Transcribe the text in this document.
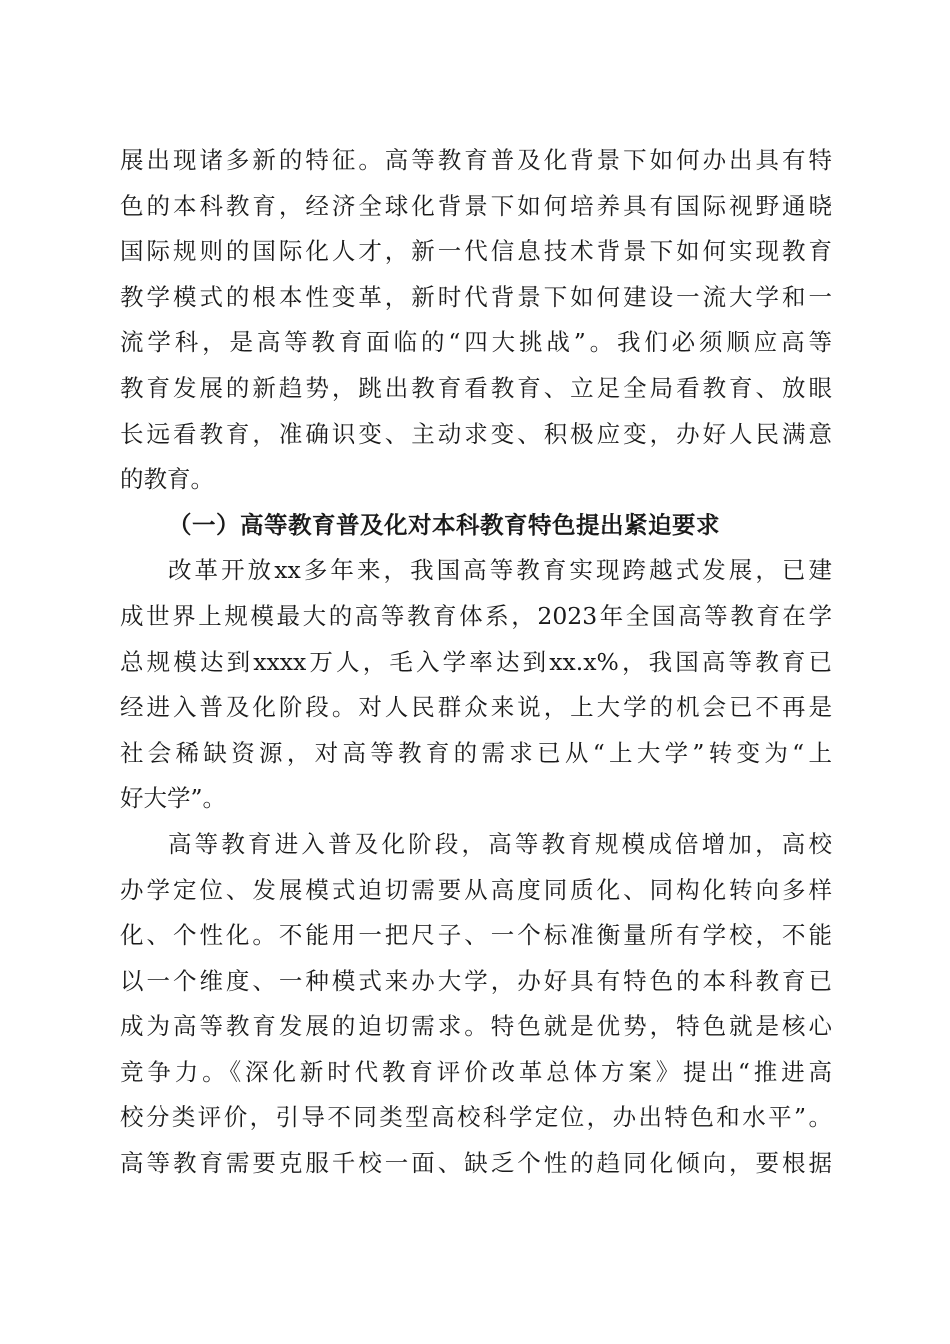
展出现诸多新的特征。高等教育普及化背景下如何办出具有特
色的本科教育，经济全球化背景下如何培养具有国际视野通晓
国际规则的国际化人才，新一代信息技术背景下如何实现教育
教学模式的根本性变革，新时代背景下如何建设一流大学和一
流学科，是高等教育面临的“四大挑战”。我们必须顺应高等
教育发展的新趋势，跳出教育看教育、立足全局看教育、放眼
长远看教育，准确识变、主动求变、积极应变，办好人民满意
的教育。
（一）高等教育普及化对本科教育特色提出紧迫要求
改革开放xx多年来，我国高等教育实现跨越式发展，已建
成世界上规模最大的高等教育体系，2023年全国高等教育在学
总规模达到xxxx万人，毛入学率达到xx.x%，我国高等教育已
经进入普及化阶段。对人民群众来说，上大学的机会已不再是
社会稀缺资源，对高等教育的需求已从“上大学”转变为“上
好大学”。
高等教育进入普及化阶段，高等教育规模成倍增加，高校
办学定位、发展模式迫切需要从高度同质化、同构化转向多样
化、个性化。不能用一把尺子、一个标准衡量所有学校，不能
以一个维度、一种模式来办大学，办好具有特色的本科教育已
成为高等教育发展的迫切需求。特色就是优势，特色就是核心
竞争力。《深化新时代教育评价改革总体方案》提出“推进高
校分类评价，引导不同类型高校科学定位，办出特色和水平”。
高等教育需要克服千校一面、缺乏个性的趋同化倾向，要根据
